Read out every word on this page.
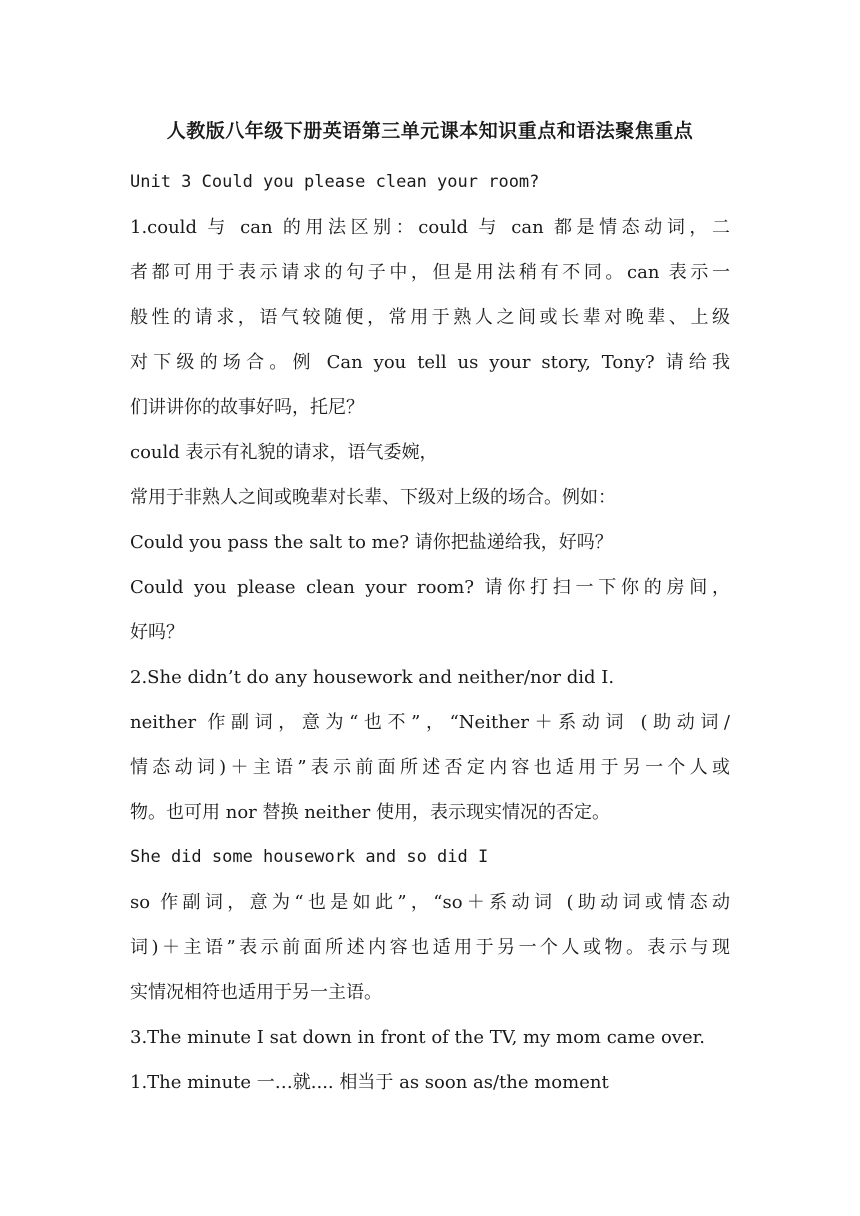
人教版八年级下册英语第三单元课本知识重点和语法聚焦重点
Unit 3 Could you please clean your room?
1.could 与 can 的用法区别：could 与 can 都是情态动词，二
者都可用于表示请求的句子中，但是用法稍有不同。can 表示一
般性的请求，语气较随便，常用于熟人之间或长辈对晚辈、上级
对下级的场合。例 Can you tell us your story, Tony? 请给我
们讲讲你的故事好吗，托尼？
could 表示有礼貌的请求，语气委婉，
常用于非熟人之间或晚辈对长辈、下级对上级的场合。例如：
Could you pass the salt to me? 请你把盐递给我，好吗？
Could you please clean your room? 请你打扫一下你的房间，
好吗？
2.She didn’t do any housework and neither/nor did I.
neither 作副词，意为“也不”，“Neither＋系动词 (助动词/
情态动词)＋主语”表示前面所述否定内容也适用于另一个人或
物。也可用 nor 替换 neither 使用，表示现实情况的否定。
She did some housework and so did I
so 作副词，意为“也是如此”，“so＋系动词 (助动词或情态动
词)＋主语”表示前面所述内容也适用于另一个人或物。表示与现
实情况相符也适用于另一主语。
3.The minute I sat down in front of the TV, my mom came over.
1.The minute 一…就.... 相当于 as soon as/the moment
